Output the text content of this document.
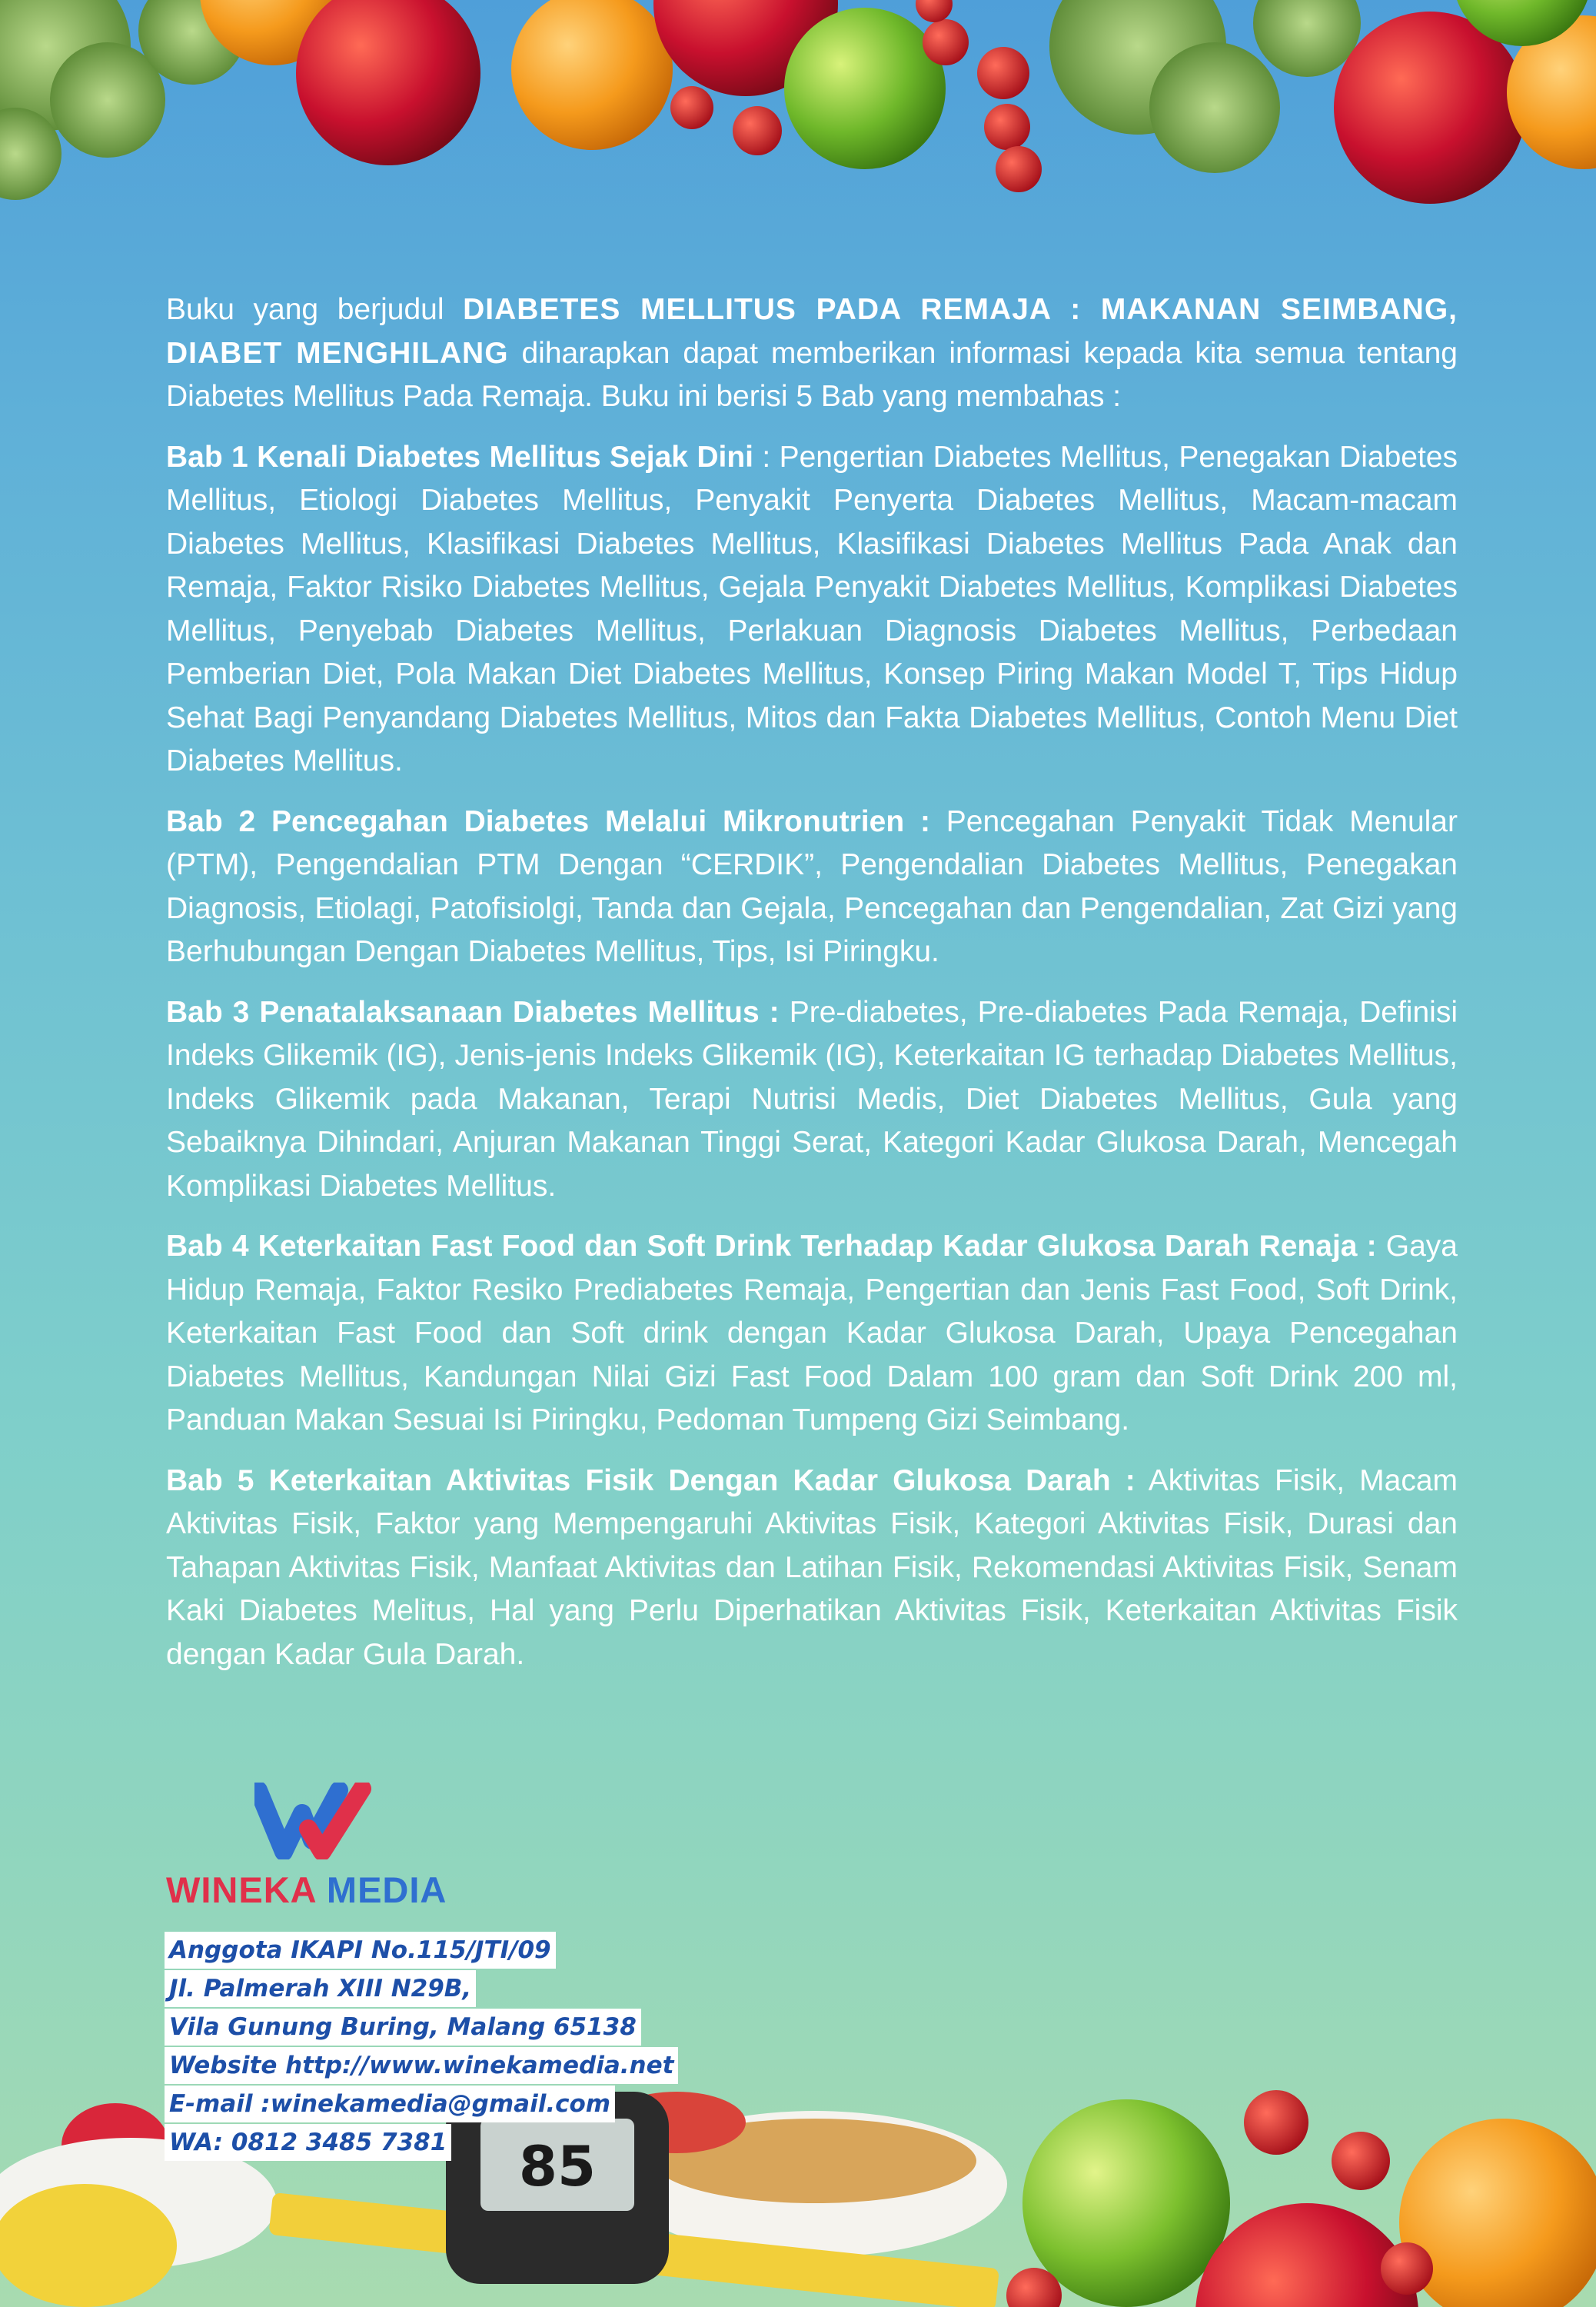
Buku yang berjudul DIABETES MELLITUS PADA REMAJA : MAKANAN SEIMBANG, DIABET MENGHILANG diharapkan dapat memberikan informasi kepada kita semua tentang Diabetes Mellitus Pada Remaja. Buku ini berisi 5 Bab yang membahas :

Bab 1 Kenali Diabetes Mellitus Sejak Dini : Pengertian Diabetes Mellitus, Penegakan Diabetes Mellitus, Etiologi Diabetes Mellitus, Penyakit Penyerta Diabetes Mellitus, Macam-macam Diabetes Mellitus, Klasifikasi Diabetes Mellitus, Klasifikasi Diabetes Mellitus Pada Anak dan Remaja, Faktor Risiko Diabetes Mellitus, Gejala Penyakit Diabetes Mellitus, Komplikasi Diabetes Mellitus, Penyebab Diabetes Mellitus, Perlakuan Diagnosis Diabetes Mellitus, Perbedaan Pemberian Diet, Pola Makan Diet Diabetes Mellitus, Konsep Piring Makan Model T, Tips Hidup Sehat Bagi Penyandang Diabetes Mellitus, Mitos dan Fakta Diabetes Mellitus, Contoh Menu Diet Diabetes Mellitus.

Bab 2 Pencegahan Diabetes Melalui Mikronutrien : Pencegahan Penyakit Tidak Menular (PTM), Pengendalian PTM Dengan “CERDIK”, Pengendalian Diabetes Mellitus, Penegakan Diagnosis, Etiolagi, Patofisiolgi, Tanda dan Gejala, Pencegahan dan Pengendalian, Zat Gizi yang Berhubungan Dengan Diabetes Mellitus, Tips, Isi Piringku.

Bab 3 Penatalaksanaan Diabetes Mellitus : Pre-diabetes, Pre-diabetes Pada Remaja, Definisi Indeks Glikemik (IG), Jenis-jenis Indeks Glikemik (IG), Keterkaitan IG terhadap Diabetes Mellitus, Indeks Glikemik pada Makanan, Terapi Nutrisi Medis, Diet Diabetes Mellitus, Gula yang Sebaiknya Dihindari, Anjuran Makanan Tinggi Serat, Kategori Kadar Glukosa Darah, Mencegah Komplikasi Diabetes Mellitus.

Bab 4 Keterkaitan Fast Food dan Soft Drink Terhadap Kadar Glukosa Darah Renaja : Gaya Hidup Remaja, Faktor Resiko Prediabetes Remaja, Pengertian dan Jenis Fast Food, Soft Drink, Keterkaitan Fast Food dan Soft drink dengan Kadar Glukosa Darah, Upaya Pencegahan Diabetes Mellitus, Kandungan Nilai Gizi Fast Food Dalam 100 gram dan Soft Drink 200 ml, Panduan Makan Sesuai Isi Piringku, Pedoman Tumpeng Gizi Seimbang.

Bab 5 Keterkaitan Aktivitas Fisik Dengan Kadar Glukosa Darah : Aktivitas Fisik, Macam Aktivitas Fisik, Faktor yang Mempengaruhi Aktivitas Fisik, Kategori Aktivitas Fisik, Durasi dan Tahapan Aktivitas Fisik, Manfaat Aktivitas dan Latihan Fisik, Rekomendasi Aktivitas Fisik, Senam Kaki Diabetes Melitus, Hal yang Perlu Diperhatikan Aktivitas Fisik, Keterkaitan Aktivitas Fisik dengan Kadar Gula Darah.

85
WINEKA MEDIA
Anggota IKAPI No.115/JTI/09
Jl. Palmerah XIII N29B,
Vila Gunung Buring, Malang 65138
Website http://www.winekamedia.net
E-mail :winekamedia@gmail.com
WA: 0812 3485 7381
